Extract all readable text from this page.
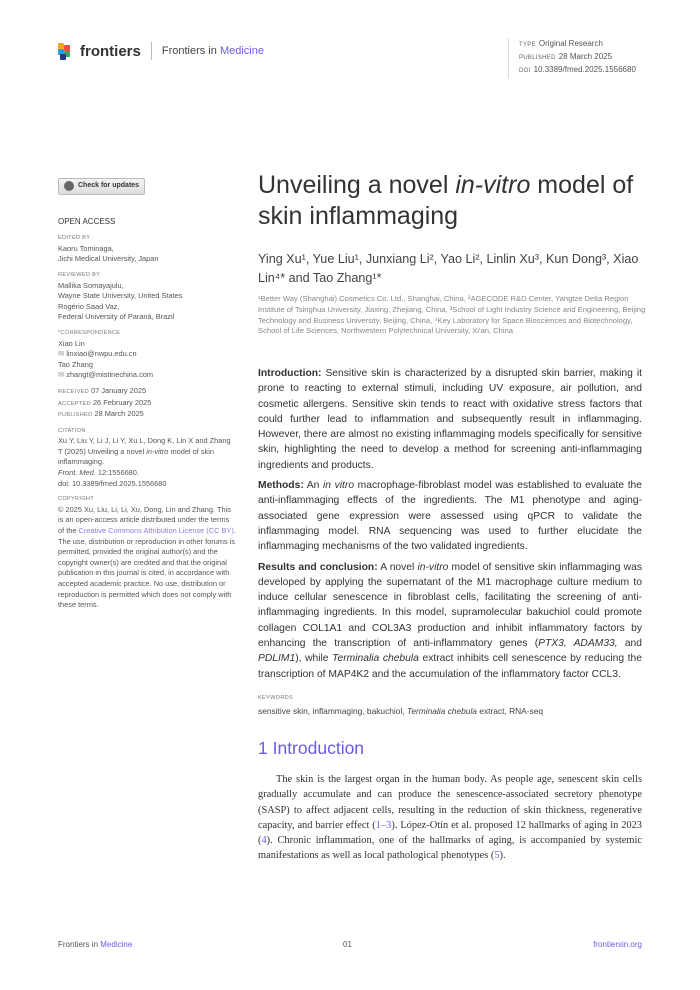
frontiers Frontiers in Medicine	TYPE Original Research
PUBLISHED 28 March 2025
DOI 10.3389/fmed.2025.1556680
Check for updates
OPEN ACCESS
EDITED BY
Kaoru Tominaga,
Jichi Medical University, Japan
REVIEWED BY
Mallika Somayajulu,
Wayne State University, United States
Rogério Saad Vaz,
Federal University of Paraná, Brazil
*CORRESPONDENCE
Xiao Lin
✉ linxiao@nwpu.edu.cn
Tao Zhang
✉ zhangt@mistinechina.com
RECEIVED 07 January 2025
ACCEPTED 26 February 2025
PUBLISHED 28 March 2025
CITATION
Xu Y, Liu Y, Li J, Li Y, Xu L, Dong K, Lin X and Zhang T (2025) Unveiling a novel in-vitro model of skin inflammaging.
Front. Med. 12:1556680.
doi: 10.3389/fmed.2025.1556680
COPYRIGHT
© 2025 Xu, Liu, Li, Li, Xu, Dong, Lin and Zhang. This is an open-access article distributed under the terms of the Creative Commons Attribution License (CC BY). The use, distribution or reproduction in other forums is permitted, provided the original author(s) and the copyright owner(s) are credited and that the original publication in this journal is cited, in accordance with accepted academic practice. No use, distribution or reproduction is permitted which does not comply with these terms.
Unveiling a novel in-vitro model of skin inflammaging
Ying Xu¹, Yue Liu¹, Junxiang Li², Yao Li², Linlin Xu³, Kun Dong³, Xiao Lin⁴* and Tao Zhang¹*
¹Better Way (Shanghai) Cosmetics Co. Ltd., Shanghai, China, ²AGECODE R&D Center, Yangtze Delta Region Institute of Tsinghua University, Jiaxing, Zhejiang, China, ³School of Light Industry Science and Engineering, Beijing Technology and Business University, Beijing, China, ⁴Key Laboratory for Space Biosciences and Biotechnology, School of Life Sciences, Northwestern Polytechnical University, Xi'an, China

Introduction: Sensitive skin is characterized by a disrupted skin barrier, making it prone to reacting to external stimuli, including UV exposure, air pollution, and cosmetic allergens. Sensitive skin tends to react with oxidative stress factors that could further lead to inflammation and subsequently result in inflammaging. However, there are almost no existing inflammaging models specifically for sensitive skin, highlighting the need to develop a method for screening anti-inflammaging ingredients and products.

Methods: An in vitro macrophage-fibroblast model was established to evaluate the anti-inflammaging effects of the ingredients. The M1 phenotype and aging-associated gene expression were assessed using qPCR to validate the inflammaging model. RNA sequencing was used to further elucidate the inflammaging mechanisms of the two validated ingredients.

Results and conclusion: A novel in-vitro model of sensitive skin inflammaging was developed by applying the supernatant of the M1 macrophage culture medium to induce cellular senescence in fibroblast cells, facilitating the screening of anti-inflammaging ingredients. In this model, supramolecular bakuchiol could promote collagen COL1A1 and COL3A3 production and inhibit inflammatory factors by enhancing the transcription of anti-inflammatory genes (PTX3, ADAM33, and PDLIM1), while Terminalia chebula extract inhibits cell senescence by reducing the transcription of MAP4K2 and the accumulation of the inflammatory factor CCL3.

KEYWORDS
sensitive skin, inflammaging, bakuchiol, Terminalia chebula extract, RNA-seq
1 Introduction

The skin is the largest organ in the human body. As people age, senescent skin cells gradually accumulate and can produce the senescence-associated secretory phenotype (SASP) to affect adjacent cells, resulting in the reduction of skin thickness, regenerative capacity, and barrier effect (1–3). López-Otín et al. proposed 12 hallmarks of aging in 2023 (4). Chronic inflammation, one of the hallmarks of aging, is accompanied by systemic manifestations as well as local pathological phenotypes (5).

Frontiers in Medicine	01	frontiersin.org
